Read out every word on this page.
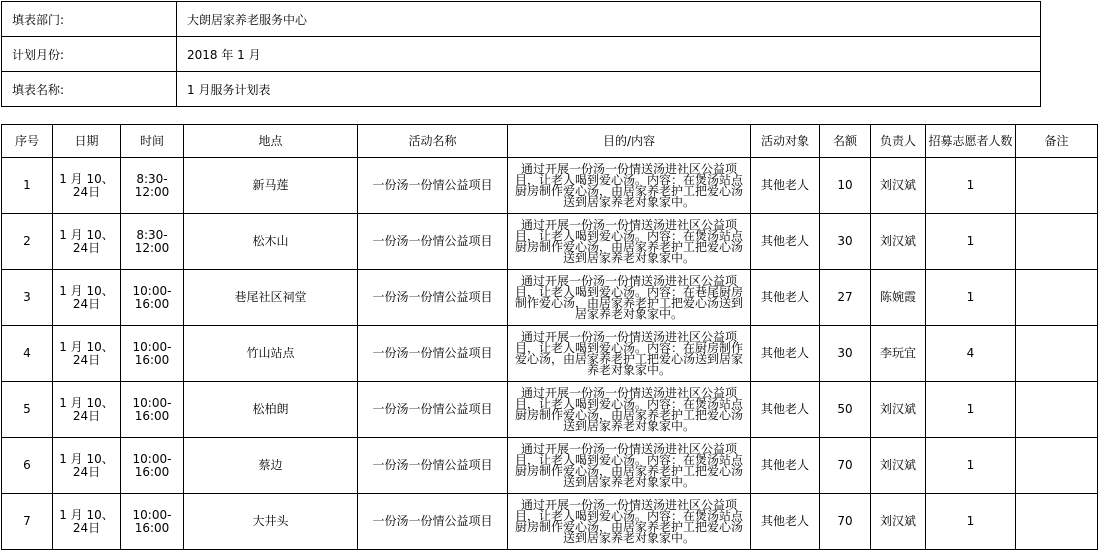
填表部门:	大朗居家养老服务中心
计划月份:	2018 年 1 月
填表名称:	1 月服务计划表
序号	日期	时间	地点	活动名称	目的/内容	活动对象	名额	负责人	招募志愿者人数	备注
1	1 月 10、24日	8:30-12:00	新马莲	一份汤一份情公益项目	通过开展一份汤一份情送汤进社区公益项目，让老人喝到爱心汤。内容：在煲汤站点厨房制作爱心汤，由居家养老护工把爱心汤送到居家养老对象家中。	其他老人	10	刘汉斌	1	
2	1 月 10、24日	8:30-12:00	松木山	一份汤一份情公益项目	通过开展一份汤一份情送汤进社区公益项目，让老人喝到爱心汤。内容：在煲汤站点厨房制作爱心汤，由居家养老护工把爱心汤送到居家养老对象家中。	其他老人	30	刘汉斌	1	
3	1 月 10、24日	10:00-16:00	巷尾社区祠堂	一份汤一份情公益项目	通过开展一份汤一份情送汤进社区公益项目，让老人喝到爱心汤。内容：在巷尾厨房制作爱心汤，由居家养老护工把爱心汤送到居家养老对象家中。	其他老人	27	陈婉霞	1	
4	1 月 10、24日	10:00-16:00	竹山站点	一份汤一份情公益项目	通过开展一份汤一份情送汤进社区公益项目，让老人喝到爱心汤。内容：在厨房制作爱心汤，由居家养老护工把爱心汤送到居家养老对象家中。	其他老人	30	李玩宜	4	
5	1 月 10、24日	10:00-16:00	松柏朗	一份汤一份情公益项目	通过开展一份汤一份情送汤进社区公益项目，让老人喝到爱心汤。内容：在煲汤站点厨房制作爱心汤，由居家养老护工把爱心汤送到居家养老对象家中。	其他老人	50	刘汉斌	1	
6	1 月 10、24日	10:00-16:00	蔡边	一份汤一份情公益项目	通过开展一份汤一份情送汤进社区公益项目，让老人喝到爱心汤。内容：在煲汤站点厨房制作爱心汤，由居家养老护工把爱心汤送到居家养老对象家中。	其他老人	70	刘汉斌	1	
7	1 月 10、24日	10:00-16:00	大井头	一份汤一份情公益项目	通过开展一份汤一份情送汤进社区公益项目，让老人喝到爱心汤。内容：在煲汤站点厨房制作爱心汤，由居家养老护工把爱心汤送到居家养老对象家中。	其他老人	70	刘汉斌	1	
